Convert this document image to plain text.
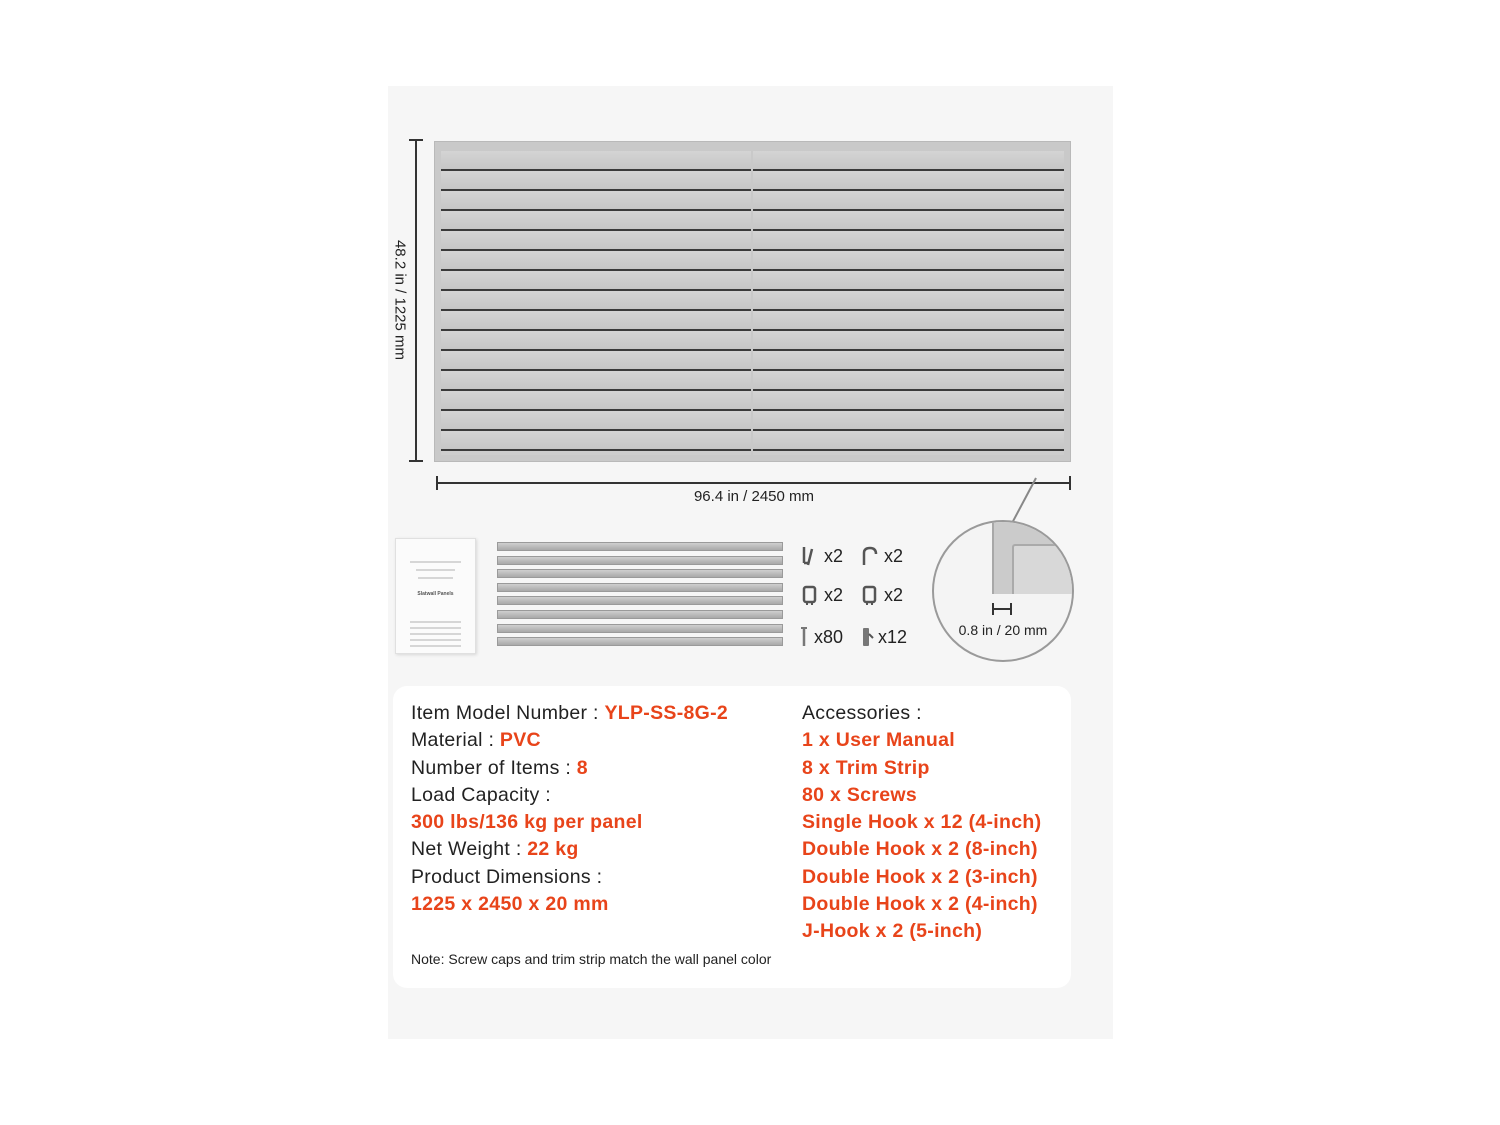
48.2 in / 1225 mm
96.4 in / 2450 mm
0.8 in / 20 mm
Slatwall Panels
x2 x2
x2 x2
x80 x12
Item Model Number : YLP-SS-8G-2
Material : PVC
Number of Items : 8
Load Capacity :
300 lbs/136 kg per panel
Net Weight : 22 kg
Product Dimensions :
1225 x 2450 x 20 mm
Accessories :
1 x User Manual
8 x Trim Strip
80 x Screws
Single Hook x 12 (4-inch)
Double Hook x 2 (8-inch)
Double Hook x 2 (3-inch)
Double Hook x 2 (4-inch)
J-Hook x 2 (5-inch)
Note: Screw caps and trim strip match the wall panel color
